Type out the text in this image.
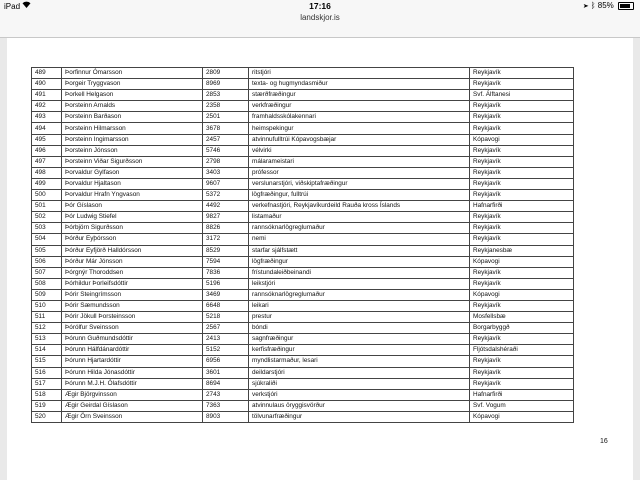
iPad	17:16	➤ ᛒ 85%
landskjor.is
489	Þorfinnur Ómarsson	2809	ritstjóri	Reykjavík
490	Þorgeir Tryggvason	8969	texta- og hugmyndasmiður	Reykjavík
491	Þorkell Helgason	2853	stærðfræðingur	Svf. Álftanesi
492	Þorsteinn Arnalds	2358	verkfræðingur	Reykjavík
493	Þorsteinn Barðason	2501	framhaldsskólakennari	Reykjavík
494	Þorsteinn Hilmarsson	3678	heimspekingur	Reykjavík
495	Þorsteinn Ingimarsson	2457	atvinnufulltrúi Kópavogsbæjar	Kópavogi
496	Þorsteinn Jónsson	5746	vélvirki	Reykjavík
497	Þorsteinn Viðar Sigurðsson	2798	málarameistari	Reykjavík
498	Þorvaldur Gylfason	3403	prófessor	Reykjavík
499	Þorvaldur Hjaltason	9607	verslunarstjóri, viðskiptafræðingur	Reykjavík
500	Þorvaldur Hrafn Yngvason	5372	lögfræðingur, fulltrúi	Reykjavík
501	Þór Gíslason	4492	verkefnastjóri, Reykjavíkurdeild Rauða kross Íslands	Hafnarfirði
502	Þór Ludwig Stiefel	9827	listamaður	Reykjavík
503	Þórbjörn Sigurðsson	8826	rannsóknarlögreglumaður	Reykjavík
504	Þórður Eyþórsson	3172	nemi	Reykjavík
505	Þórður Eyfjörð Halldórsson	8529	starfar sjálfstætt	Reykjanesbæ
506	Þórður Már Jónsson	7594	lögfræðingur	Kópavogi
507	Þórgnýr Thoroddsen	7836	frístundaleiðbeinandi	Reykjavík
508	Þórhildur Þorleifsdóttir	5196	leikstjóri	Reykjavík
509	Þórir Steingrímsson	3469	rannsóknarlögreglumaður	Kópavogi
510	Þórir Sæmundsson	6648	leikari	Reykjavík
511	Þórir Jökull Þorsteinsson	5218	prestur	Mosfellsbæ
512	Þórólfur Sveinsson	2567	bóndi	Borgarbyggð
513	Þórunn Guðmundsdóttir	2413	sagnfræðingur	Reykjavík
514	Þórunn Hálfdánardóttir	5152	kerfisfræðingur	Fljótsdalshéraði
515	Þórunn Hjartardóttir	6956	myndlistarmaður, lesari	Reykjavík
516	Þórunn Hilda Jónasdóttir	3601	deildarstjóri	Reykjavík
517	Þórunn M.J.H. Ólafsdóttir	8694	sjúkraliði	Reykjavík
518	Ægir Björgvinsson	2743	verkstjóri	Hafnarfirði
519	Ægir Geirdal Gíslason	7363	atvinnulaus öryggisvörður	Svf. Vogum
520	Ægir Örn Sveinsson	8903	tölvunarfræðingur	Kópavogi
16
